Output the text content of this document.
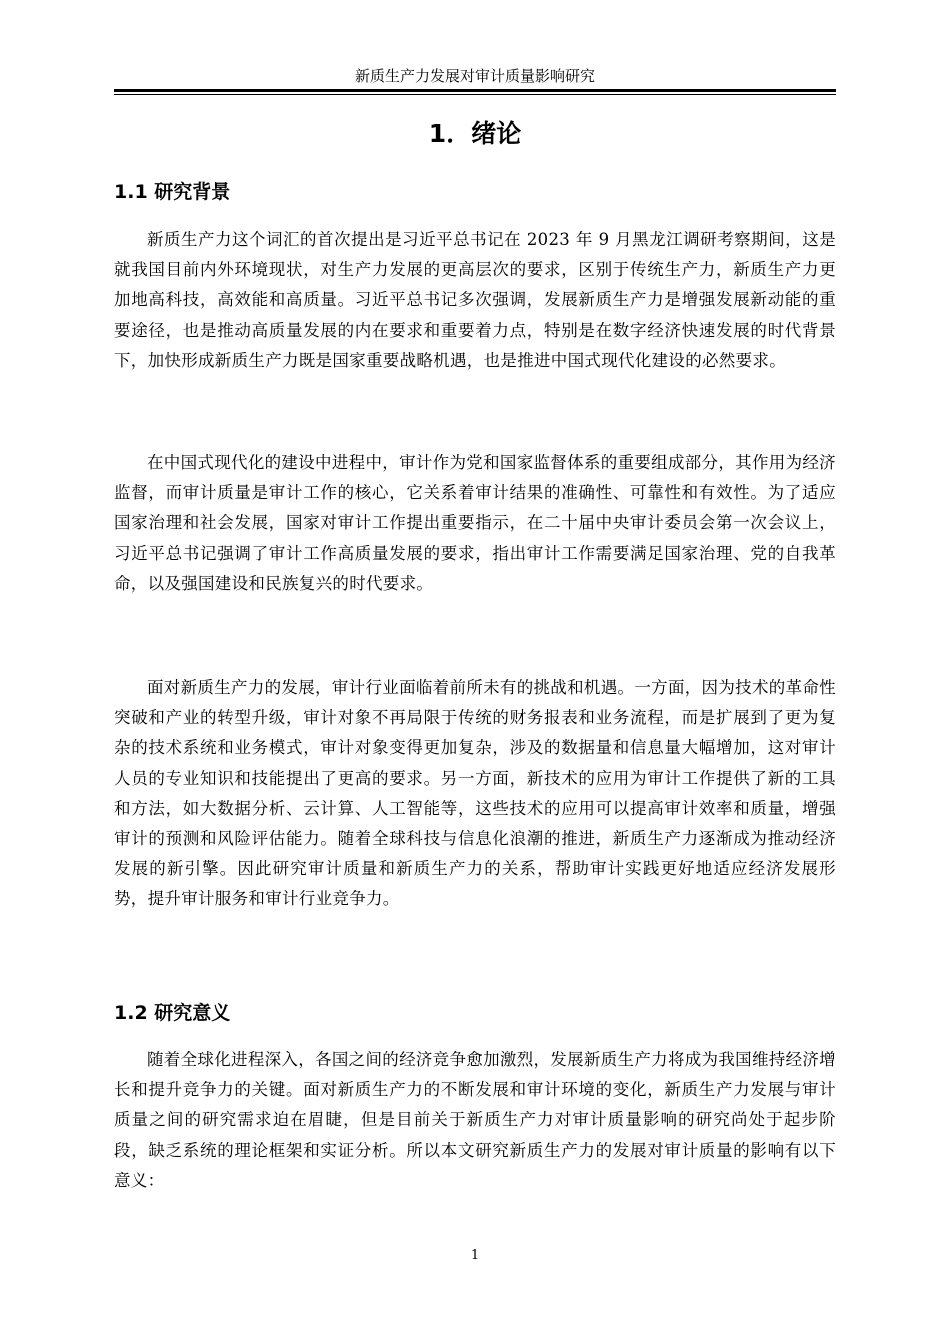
新质生产力发展对审计质量影响研究
1．绪论
1.1 研究背景

新质生产力这个词汇的首次提出是习近平总书记在 2023 年 9 月黑龙江调研考察期间，这是就我国目前内外环境现状，对生产力发展的更高层次的要求，区别于传统生产力，新质生产力更加地高科技，高效能和高质量。习近平总书记多次强调，发展新质生产力是增强发展新动能的重要途径，也是推动高质量发展的内在要求和重要着力点，特别是在数字经济快速发展的时代背景下，加快形成新质生产力既是国家重要战略机遇，也是推进中国式现代化建设的必然要求。

在中国式现代化的建设中进程中，审计作为党和国家监督体系的重要组成部分，其作用为经济监督，而审计质量是审计工作的核心，它关系着审计结果的准确性、可靠性和有效性。为了适应国家治理和社会发展，国家对审计工作提出重要指示，在二十届中央审计委员会第一次会议上，习近平总书记强调了审计工作高质量发展的要求，指出审计工作需要满足国家治理、党的自我革命，以及强国建设和民族复兴的时代要求。

面对新质生产力的发展，审计行业面临着前所未有的挑战和机遇。一方面，因为技术的革命性突破和产业的转型升级，审计对象不再局限于传统的财务报表和业务流程，而是扩展到了更为复杂的技术系统和业务模式，审计对象变得更加复杂，涉及的数据量和信息量大幅增加，这对审计人员的专业知识和技能提出了更高的要求。另一方面，新技术的应用为审计工作提供了新的工具和方法，如大数据分析、云计算、人工智能等，这些技术的应用可以提高审计效率和质量，增强审计的预测和风险评估能力。随着全球科技与信息化浪潮的推进，新质生产力逐渐成为推动经济发展的新引擎。因此研究审计质量和新质生产力的关系，帮助审计实践更好地适应经济发展形势，提升审计服务和审计行业竞争力。

1.2 研究意义

随着全球化进程深入，各国之间的经济竞争愈加激烈，发展新质生产力将成为我国维持经济增长和提升竞争力的关键。面对新质生产力的不断发展和审计环境的变化，新质生产力发展与审计质量之间的研究需求迫在眉睫，但是目前关于新质生产力对审计质量影响的研究尚处于起步阶段，缺乏系统的理论框架和实证分析。所以本文研究新质生产力的发展对审计质量的影响有以下意义：

1
